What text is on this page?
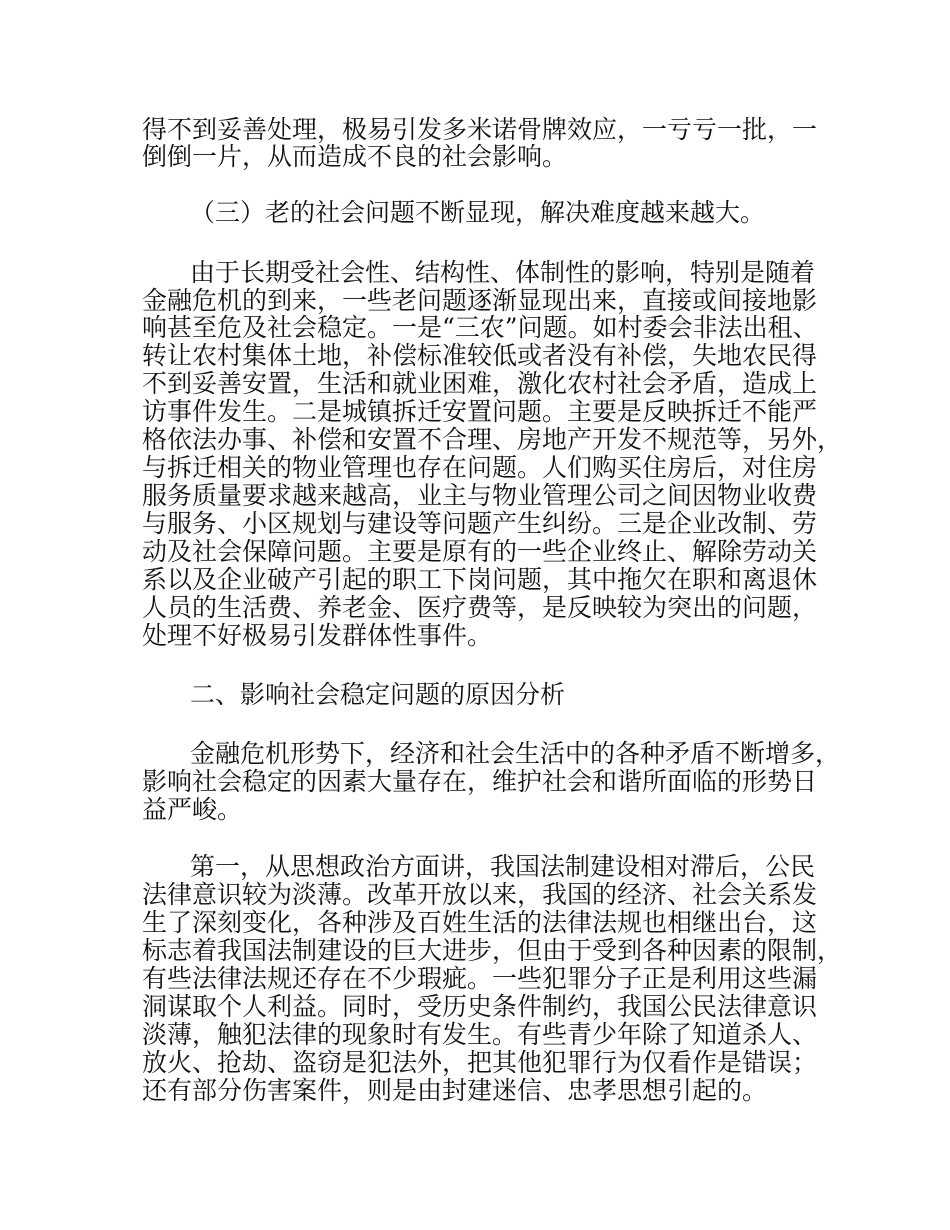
得不到妥善处理，极易引发多米诺骨牌效应，一亏亏一批，一
倒倒一片，从而造成不良的社会影响。
（三）老的社会问题不断显现，解决难度越来越大。
由于长期受社会性、结构性、体制性的影响，特别是随着
金融危机的到来，一些老问题逐渐显现出来，直接或间接地影
响甚至危及社会稳定。一是“三农”问题。如村委会非法出租、
转让农村集体土地，补偿标准较低或者没有补偿，失地农民得
不到妥善安置，生活和就业困难，激化农村社会矛盾，造成上
访事件发生。二是城镇拆迁安置问题。主要是反映拆迁不能严
格依法办事、补偿和安置不合理、房地产开发不规范等，另外，
与拆迁相关的物业管理也存在问题。人们购买住房后，对住房
服务质量要求越来越高，业主与物业管理公司之间因物业收费
与服务、小区规划与建设等问题产生纠纷。三是企业改制、劳
动及社会保障问题。主要是原有的一些企业终止、解除劳动关
系以及企业破产引起的职工下岗问题，其中拖欠在职和离退休
人员的生活费、养老金、医疗费等，是反映较为突出的问题，
处理不好极易引发群体性事件。
二、影响社会稳定问题的原因分析
金融危机形势下，经济和社会生活中的各种矛盾不断增多，
影响社会稳定的因素大量存在，维护社会和谐所面临的形势日
益严峻。
第一，从思想政治方面讲，我国法制建设相对滞后，公民
法律意识较为淡薄。改革开放以来，我国的经济、社会关系发
生了深刻变化，各种涉及百姓生活的法律法规也相继出台，这
标志着我国法制建设的巨大进步，但由于受到各种因素的限制，
有些法律法规还存在不少瑕疵。一些犯罪分子正是利用这些漏
洞谋取个人利益。同时，受历史条件制约，我国公民法律意识
淡薄，触犯法律的现象时有发生。有些青少年除了知道杀人、
放火、抢劫、盗窃是犯法外，把其他犯罪行为仅看作是错误；
还有部分伤害案件，则是由封建迷信、忠孝思想引起的。
